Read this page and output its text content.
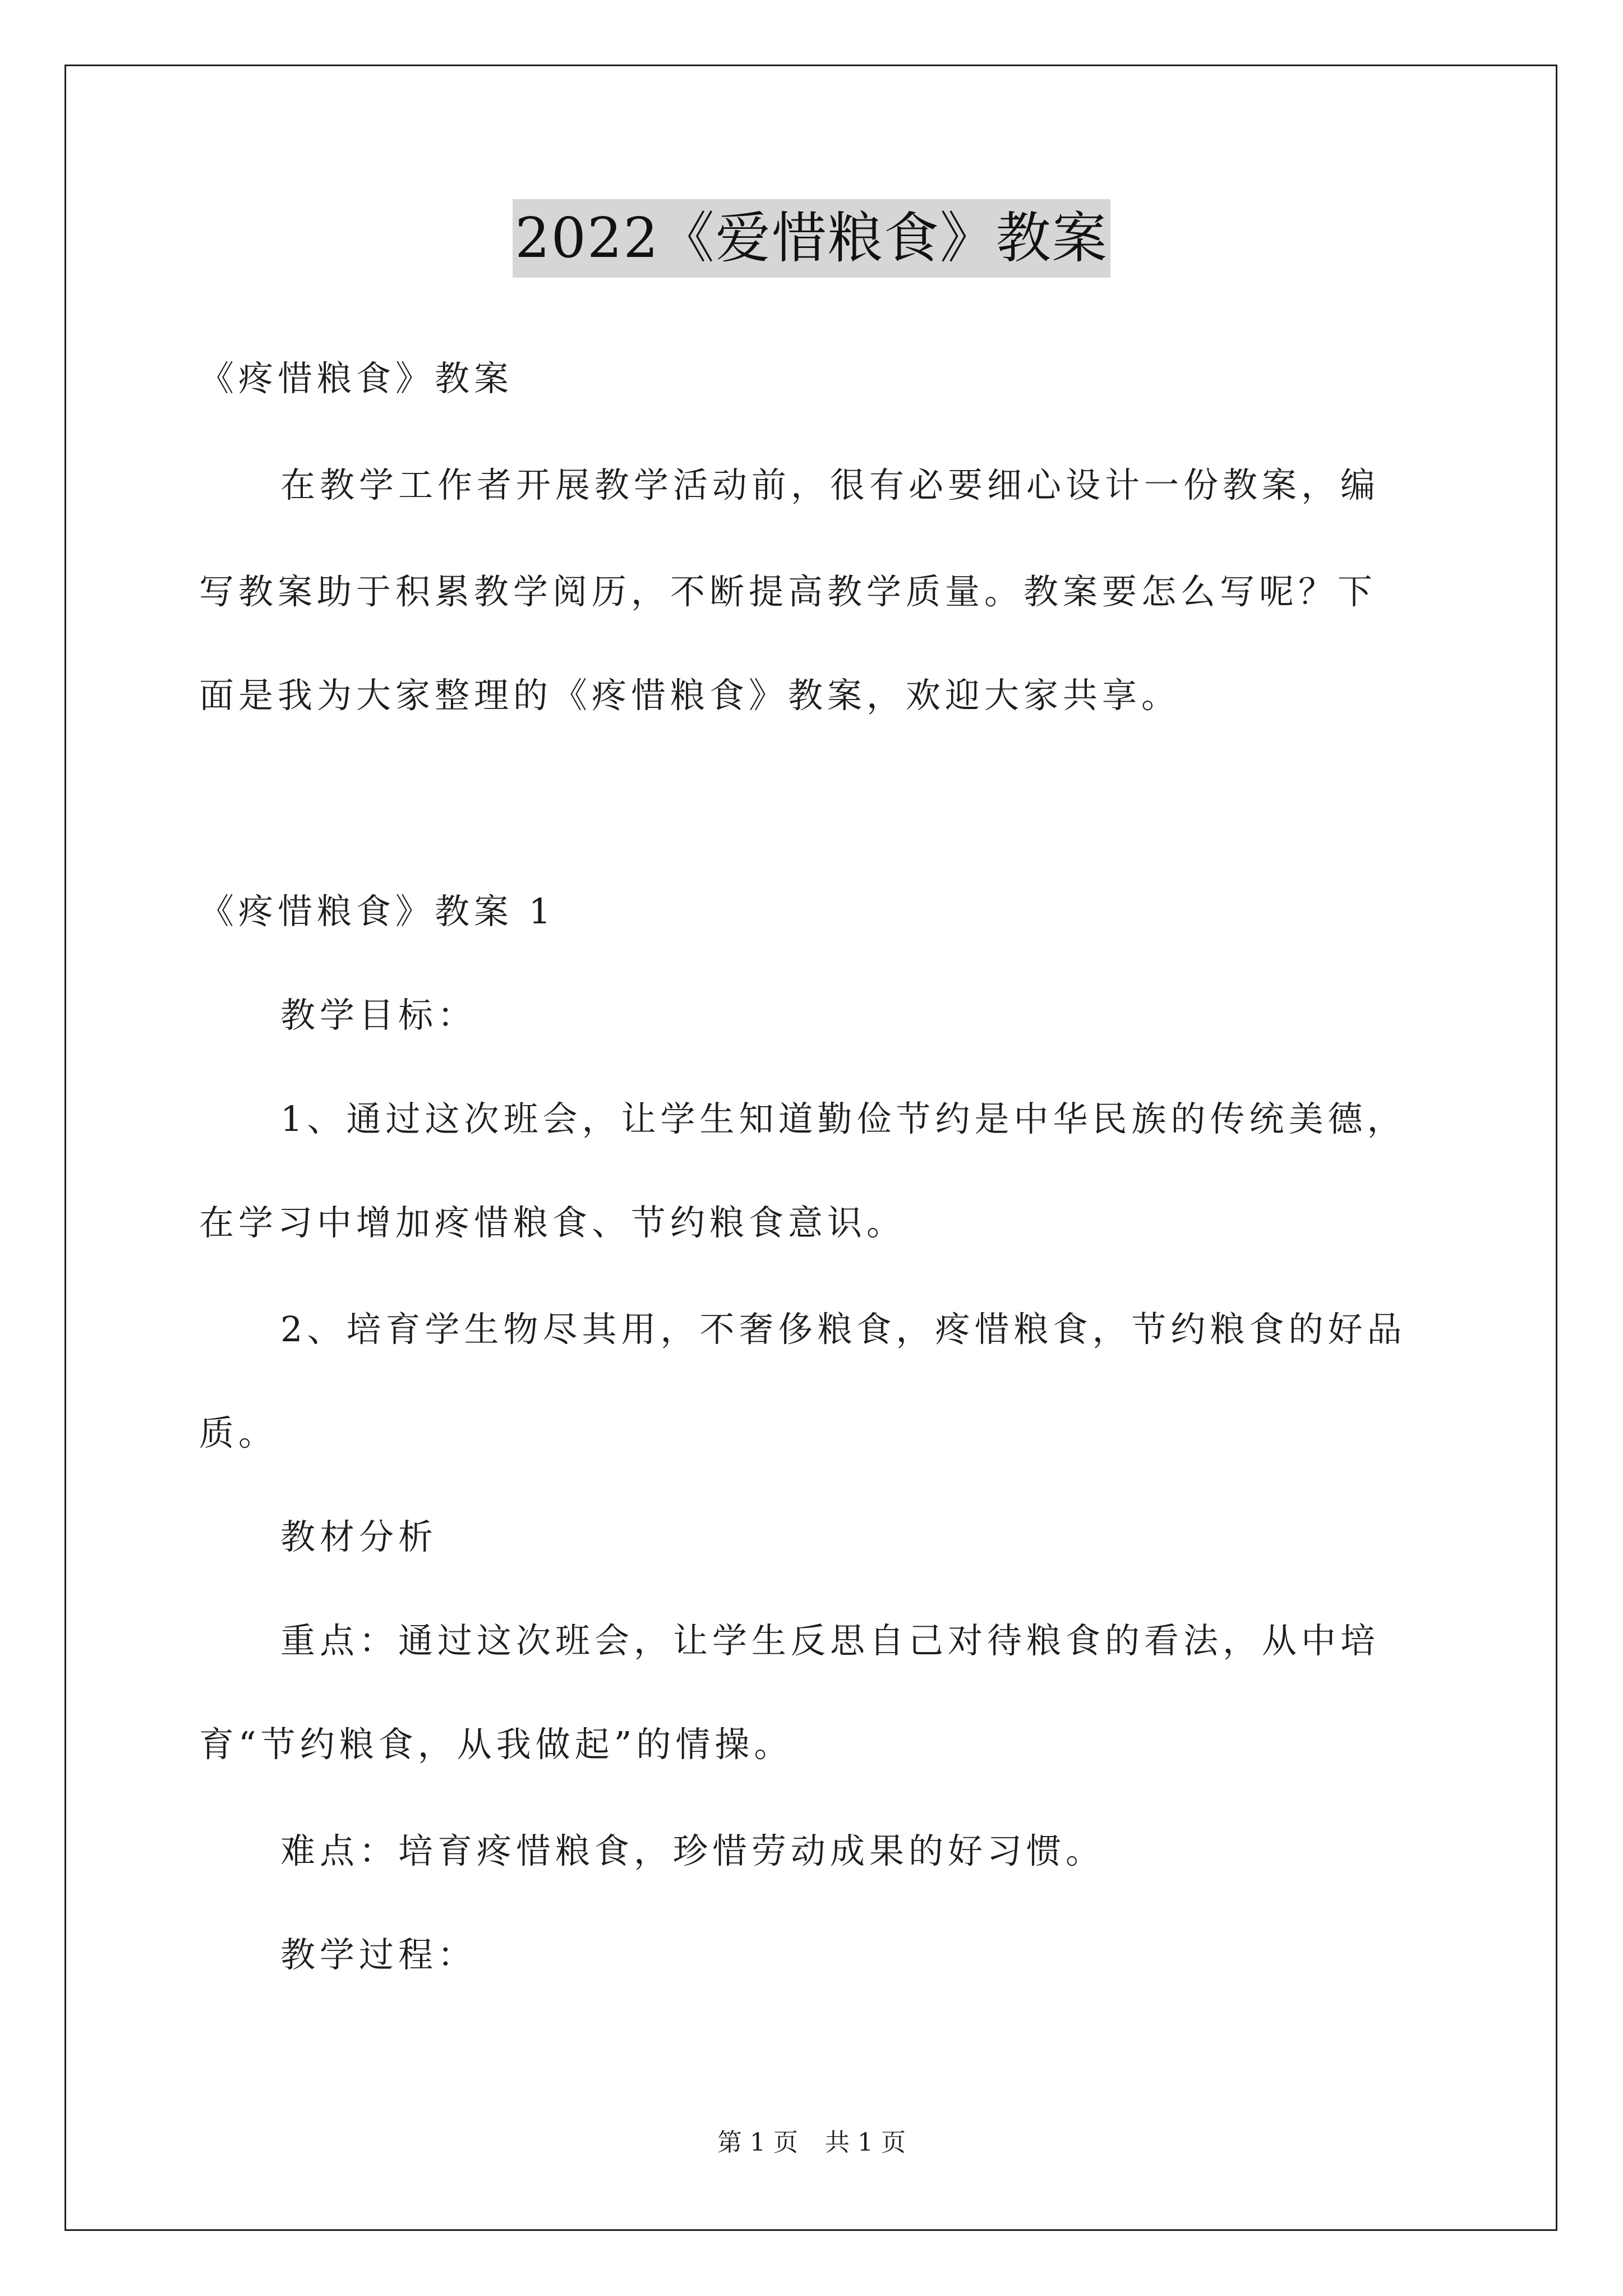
2022《爱惜粮食》教案
《疼惜粮食》教案
在教学工作者开展教学活动前，很有必要细心设计一份教案，编
写教案助于积累教学阅历，不断提高教学质量。教案要怎么写呢？下
面是我为大家整理的《疼惜粮食》教案，欢迎大家共享。
《疼惜粮食》教案 1
教学目标：
1、通过这次班会，让学生知道勤俭节约是中华民族的传统美德，
在学习中增加疼惜粮食、节约粮食意识。
2、培育学生物尽其用，不奢侈粮食，疼惜粮食，节约粮食的好品
质。
教材分析
重点：通过这次班会，让学生反思自己对待粮食的看法，从中培
育“节约粮食，从我做起”的情操。
难点：培育疼惜粮食，珍惜劳动成果的好习惯。
教学过程：
第 1 页 共 1 页
